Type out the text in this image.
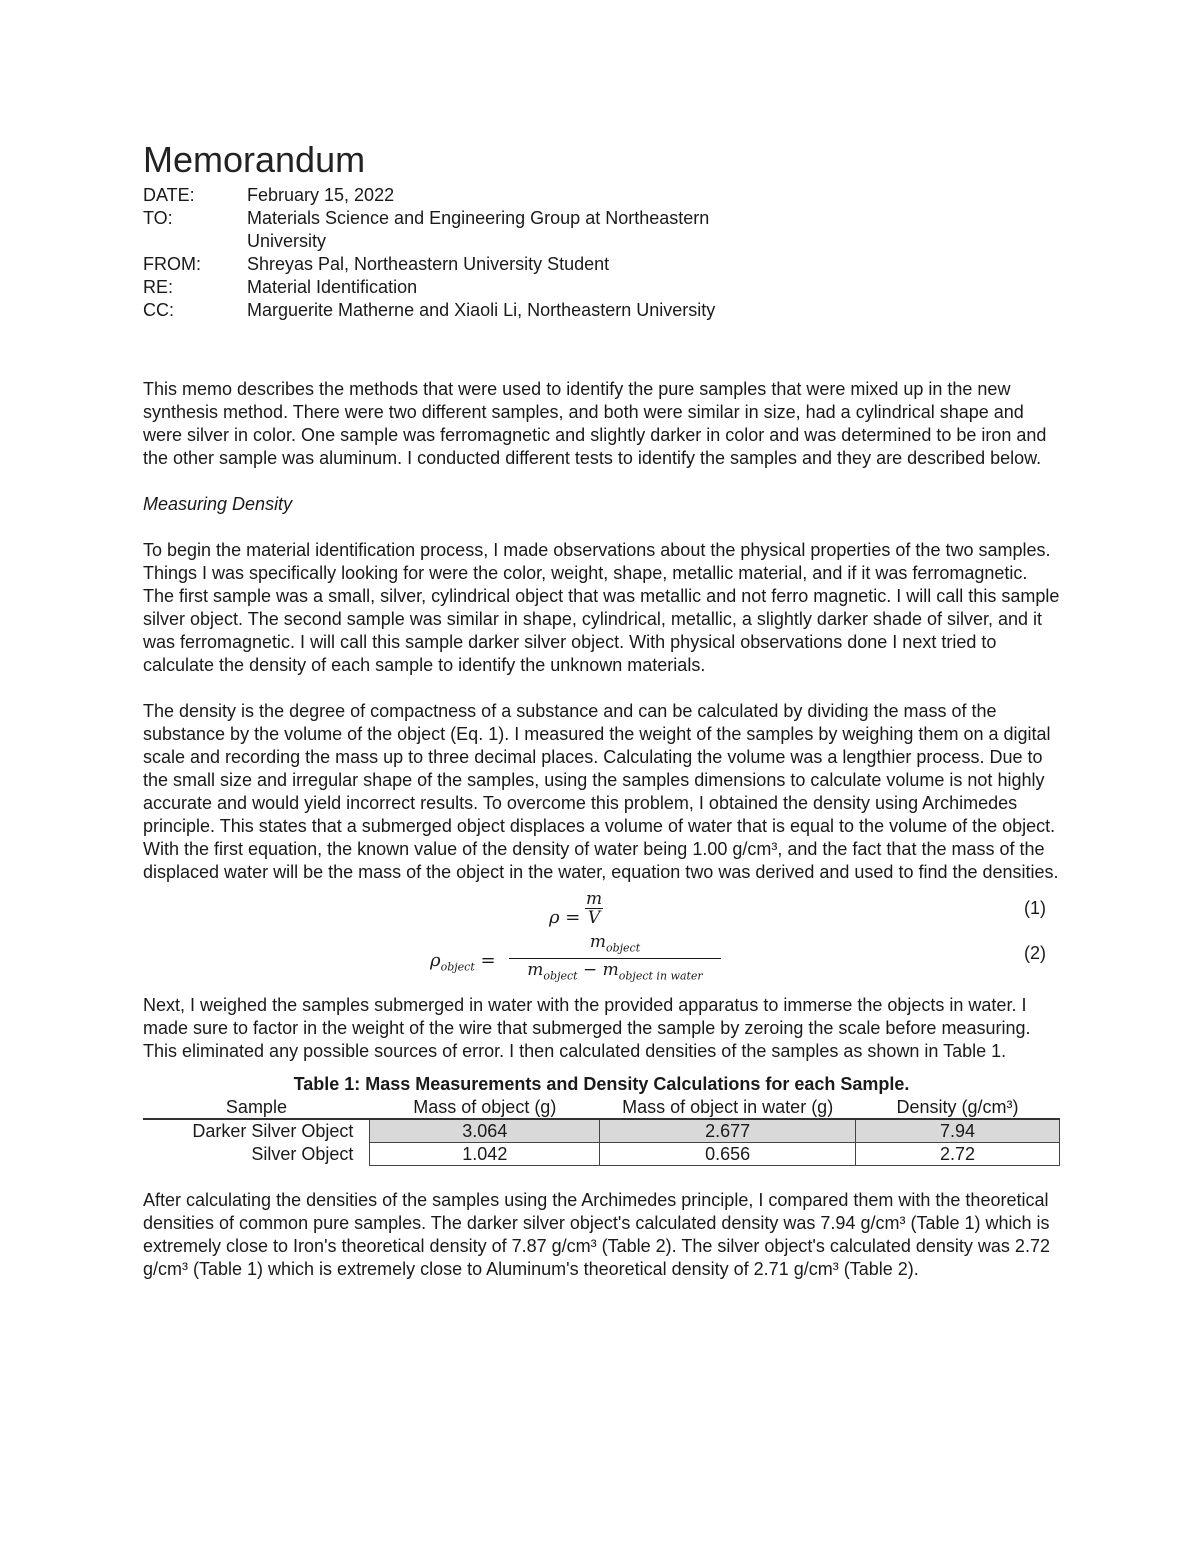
Memorandum
DATE:	February 15, 2022
TO:	Materials Science and Engineering Group at Northeastern University
FROM:	Shreyas Pal, Northeastern University Student
RE:	Material Identification
CC:	Marguerite Matherne and Xiaoli Li, Northeastern University

This memo describes the methods that were used to identify the pure samples that were mixed up in the new synthesis method. There were two different samples, and both were similar in size, had a cylindrical shape and were silver in color. One sample was ferromagnetic and slightly darker in color and was determined to be iron and the other sample was aluminum. I conducted different tests to identify the samples and they are described below.

Measuring Density

To begin the material identification process, I made observations about the physical properties of the two samples. Things I was specifically looking for were the color, weight, shape, metallic material, and if it was ferromagnetic. The first sample was a small, silver, cylindrical object that was metallic and not ferro magnetic. I will call this sample silver object. The second sample was similar in shape, cylindrical, metallic, a slightly darker shade of silver, and it was ferromagnetic. I will call this sample darker silver object. With physical observations done I next tried to calculate the density of each sample to identify the unknown materials.

The density is the degree of compactness of a substance and can be calculated by dividing the mass of the substance by the volume of the object (Eq. 1). I measured the weight of the samples by weighing them on a digital scale and recording the mass up to three decimal places. Calculating the volume was a lengthier process. Due to the small size and irregular shape of the samples, using the samples dimensions to calculate volume is not highly accurate and would yield incorrect results. To overcome this problem, I obtained the density using Archimedes principle. This states that a submerged object displaces a volume of water that is equal to the volume of the object. With the first equation, the known value of the density of water being 1.00 g/cm³, and the fact that the mass of the displaced water will be the mass of the object in the water, equation two was derived and used to find the densities.

$\rho = \frac{m}{V}$	(1)
$\rho_{object}$ =
$m_{object}$
$m_{object} - m_{object in water}$
(2)

Next, I weighed the samples submerged in water with the provided apparatus to immerse the objects in water. I made sure to factor in the weight of the wire that submerged the sample by zeroing the scale before measuring. This eliminated any possible sources of error. I then calculated densities of the samples as shown in Table 1.

Table 1: Mass Measurements and Density Calculations for each Sample.
Sample	Mass of object (g)	Mass of object in water (g)	Density (g/cm³)
Darker Silver Object	3.064	2.677	7.94
Silver Object	1.042	0.656	2.72

After calculating the densities of the samples using the Archimedes principle, I compared them with the theoretical densities of common pure samples. The darker silver object's calculated density was 7.94 g/cm³ (Table 1) which is extremely close to Iron's theoretical density of 7.87 g/cm³ (Table 2). The silver object's calculated density was 2.72 g/cm³ (Table 1) which is extremely close to Aluminum's theoretical density of 2.71 g/cm³ (Table 2).
